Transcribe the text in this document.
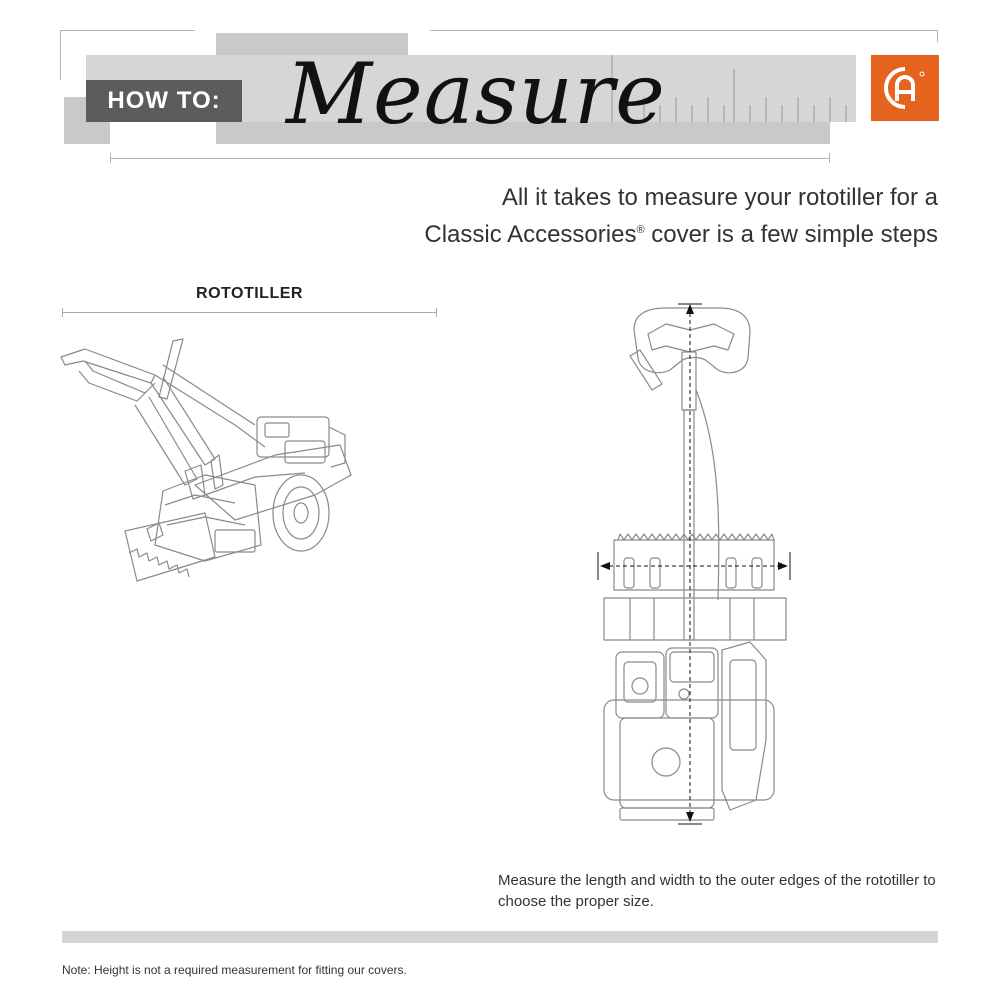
HOW TO: Measure
All it takes to measure your rototiller for a
Classic Accessories® cover is a few simple steps
ROTOTILLER
Measure the length and width to the outer edges of the rototiller to choose the proper size.
Note: Height is not a required measurement for fitting our covers.
